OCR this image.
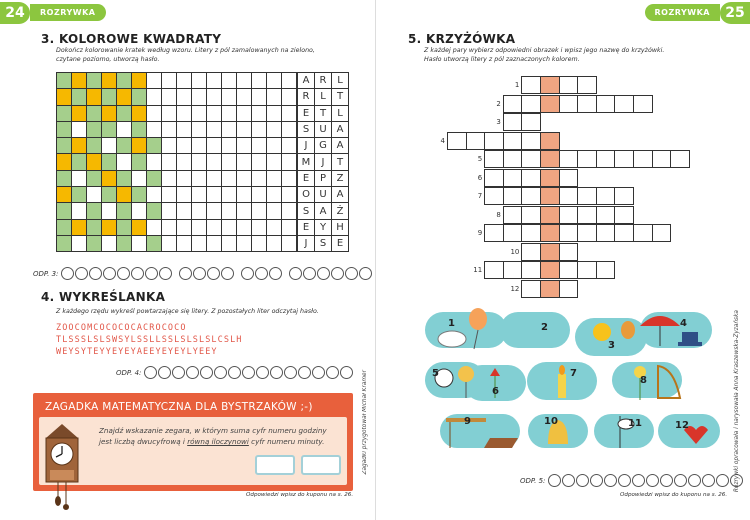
24	ROZRYWKA
3. KOLOROWE KWADRATY
Dokończ kolorowanie kratek według wzoru. Litery z pól zamalowanych na zielono, czytane poziomo, utworzą hasło.
A	R	L
R	L	T
E	T	L
S	U A
J	G A
M	J	T
E	P	Z
O U A
S	A	Ż
E	Y	H
J	S	E
ODP. 3:
4. WYKREŚLANKA
Z każdego rzędu wykreśl powtarzające się litery. Z pozostałych liter odczytaj hasło.
ZOOCOMCOCOCOCACROCOCO
TLSSSLSLSWSYLSSLLSSLSLSLSLCSLH
WEYSYTEYYEYEYAEEYEYEYLYEEY
ODP. 4:
ZAGADKA MATEMATYCZNA DLA BYSTRZAKÓW ;-)
Znajdź wskazanie zegara, w którym suma cyfr numeru godziny jest liczbą dwucyfrową i równą iloczynowi cyfr numeru minuty.	Zagadki przygotował Michał Kramer
Odpowiedzi wpisz do kuponu na s. 26.
25
ROZRYWKA
5. KRZYŻÓWKA
Z każdej pary wybierz odpowiedni obrazek i wpisz jego nazwę do krzyżówki. Hasło utworzą litery z pól zaznaczonych kolorem.
1
2
3
4
5
6
7
8
9
10
11
12
1	2
3
4
5
6
7
8
9	10	11	12
ODP. 5:	Rozrywki opracowała i narysowała Anna Kraszewska-Zyzańska
Odpowiedzi wpisz do kuponu na s. 26.
